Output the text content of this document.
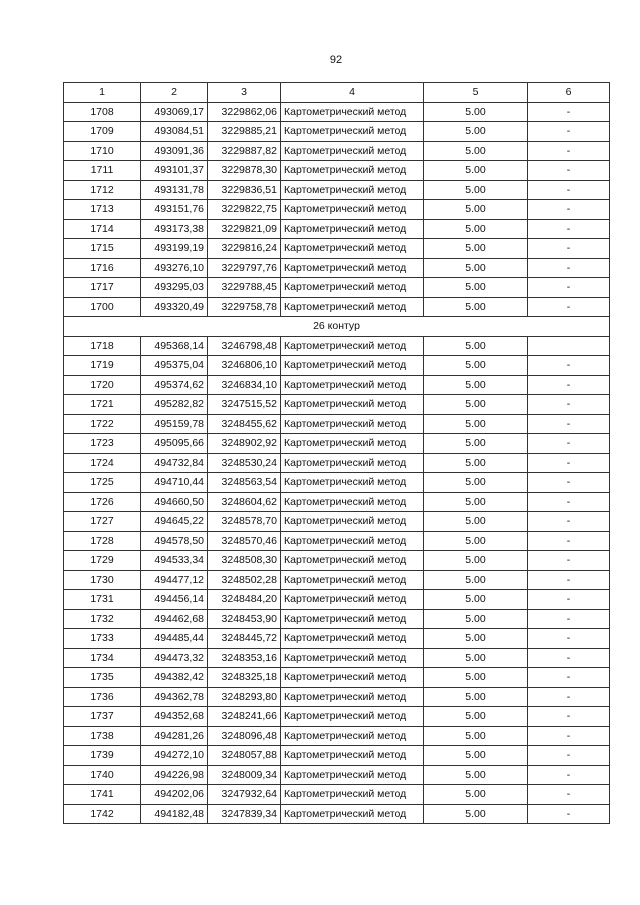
92
1	2	3	4	5	6
1708	493069,17	3229862,06	Картометрический метод	5.00	-
1709	493084,51	3229885,21	Картометрический метод	5.00	-
1710	493091,36	3229887,82	Картометрический метод	5.00	-
1711	493101,37	3229878,30	Картометрический метод	5.00	-
1712	493131,78	3229836,51	Картометрический метод	5.00	-
1713	493151,76	3229822,75	Картометрический метод	5.00	-
1714	493173,38	3229821,09	Картометрический метод	5.00	-
1715	493199,19	3229816,24	Картометрический метод	5.00	-
1716	493276,10	3229797,76	Картометрический метод	5.00	-
1717	493295,03	3229788,45	Картометрический метод	5.00	-
1700	493320,49	3229758,78	Картометрический метод	5.00	-
26 контур					
1718	495368,14	3246798,48	Картометрический метод	5.00	
1719	495375,04	3246806,10	Картометрический метод	5.00	-
1720	495374,62	3246834,10	Картометрический метод	5.00	-
1721	495282,82	3247515,52	Картометрический метод	5.00	-
1722	495159,78	3248455,62	Картометрический метод	5.00	-
1723	495095,66	3248902,92	Картометрический метод	5.00	-
1724	494732,84	3248530,24	Картометрический метод	5.00	-
1725	494710,44	3248563,54	Картометрический метод	5.00	-
1726	494660,50	3248604,62	Картометрический метод	5.00	-
1727	494645,22	3248578,70	Картометрический метод	5.00	-
1728	494578,50	3248570,46	Картометрический метод	5.00	-
1729	494533,34	3248508,30	Картометрический метод	5.00	-
1730	494477,12	3248502,28	Картометрический метод	5.00	-
1731	494456,14	3248484,20	Картометрический метод	5.00	-
1732	494462,68	3248453,90	Картометрический метод	5.00	-
1733	494485,44	3248445,72	Картометрический метод	5.00	-
1734	494473,32	3248353,16	Картометрический метод	5.00	-
1735	494382,42	3248325,18	Картометрический метод	5.00	-
1736	494362,78	3248293,80	Картометрический метод	5.00	-
1737	494352,68	3248241,66	Картометрический метод	5.00	-
1738	494281,26	3248096,48	Картометрический метод	5.00	-
1739	494272,10	3248057,88	Картометрический метод	5.00	-
1740	494226,98	3248009,34	Картометрический метод	5.00	-
1741	494202,06	3247932,64	Картометрический метод	5.00	-
1742	494182,48	3247839,34	Картометрический метод	5.00	-
